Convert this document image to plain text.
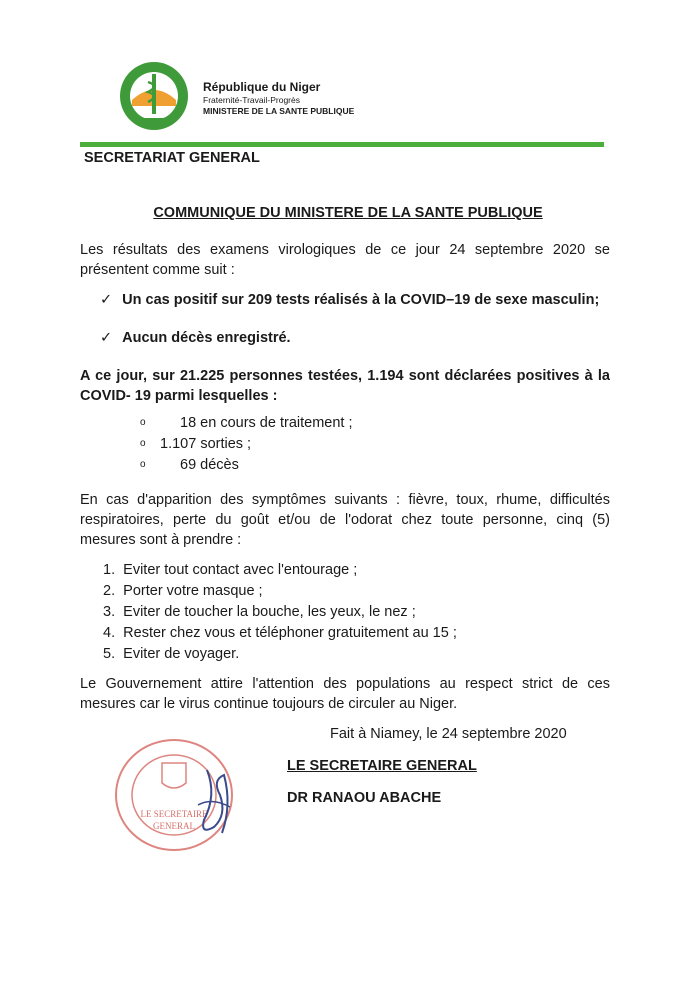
République du Niger
Fraternité-Travail-Progrès
MINISTERE DE LA SANTE PUBLIQUE
SECRETARIAT GENERAL
COMMUNIQUE DU MINISTERE DE LA SANTE PUBLIQUE
Les résultats des examens virologiques de ce jour 24 septembre 2020 se présentent comme suit :
✓ Un cas positif sur 209 tests réalisés à la COVID–19 de sexe masculin;
✓ Aucun décès enregistré.
A ce jour, sur 21.225 personnes testées, 1.194 sont déclarées positives à la COVID- 19 parmi lesquelles :
o 18 en cours de traitement ;
o 1.107 sorties ;
o 69 décès
En cas d'apparition des symptômes suivants : fièvre, toux, rhume, difficultés respiratoires, perte du goût et/ou de l'odorat chez toute personne, cinq (5) mesures sont à prendre :
1. Eviter tout contact avec l'entourage ;
2. Porter votre masque ;
3. Eviter de toucher la bouche, les yeux, le nez ;
4. Rester chez vous et téléphoner gratuitement au 15 ;
5. Eviter de voyager.
Le Gouvernement attire l'attention des populations au respect strict de ces mesures car le virus continue toujours de circuler au Niger.
Fait à Niamey, le 24 septembre 2020
LE SECRETAIRE GENERAL
DR RANAOU ABACHE
LE SECRETAIRE
GENERAL
